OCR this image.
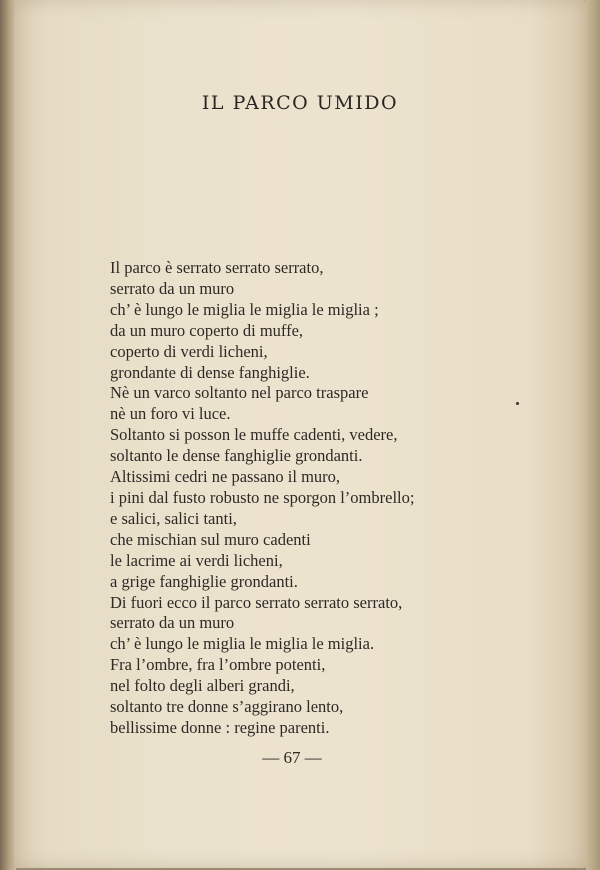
IL PARCO UMIDO
Il parco è serrato serrato serrato,
serrato da un muro
ch’ è lungo le miglia le miglia le miglia ;
da un muro coperto di muffe,
coperto di verdi licheni,
grondante di dense fanghiglie.
Nè un varco soltanto nel parco traspare
nè un foro vi luce.
Soltanto si posson le muffe cadenti, vedere,
soltanto le dense fanghiglie grondanti.
Altissimi cedri ne passano il muro,
i pini dal fusto robusto ne sporgon l’ombrello;
e salici, salici tanti,
che mischian sul muro cadenti
le lacrime ai verdi licheni,
a grige fanghiglie grondanti.
Di fuori ecco il parco serrato serrato serrato,
serrato da un muro
ch’ è lungo le miglia le miglia le miglia.
Fra l’ombre, fra l’ombre potenti,
nel folto degli alberi grandi,
soltanto tre donne s’aggirano lento,
bellissime donne : regine parenti.
— 67 —
